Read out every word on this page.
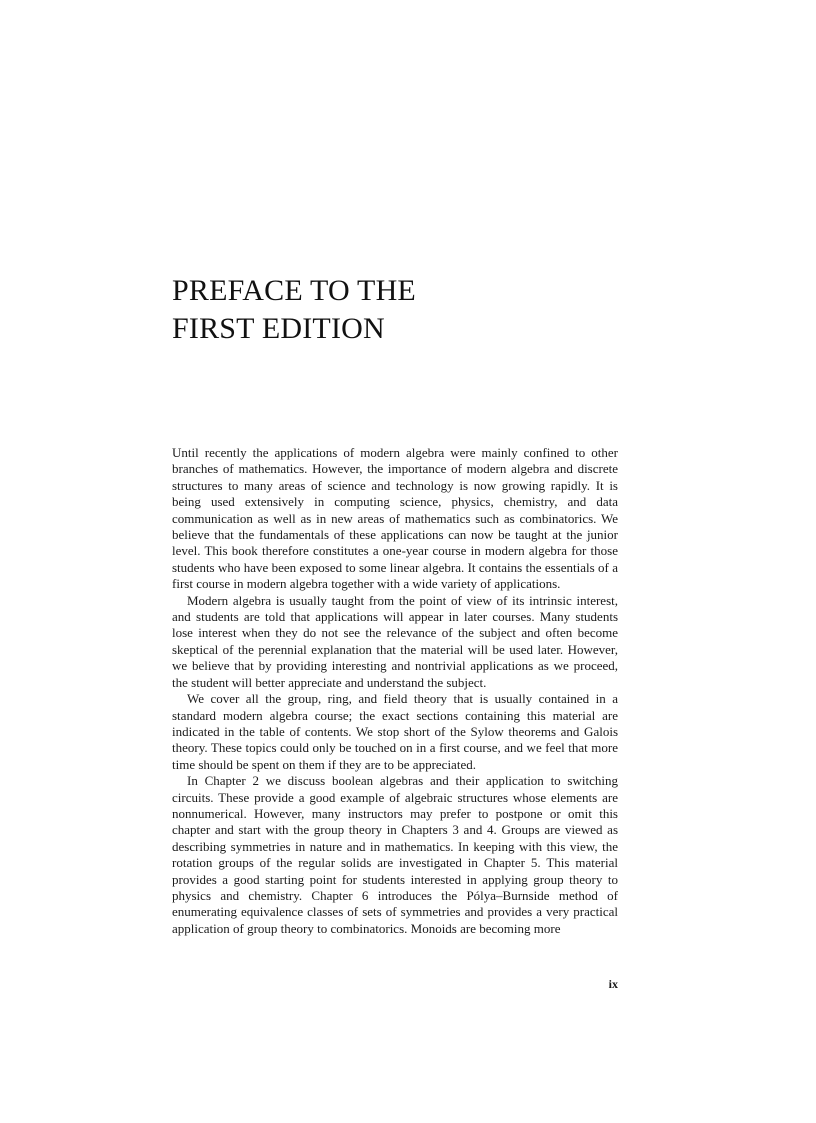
PREFACE TO THE
FIRST EDITION

Until recently the applications of modern algebra were mainly confined to other branches of mathematics. However, the importance of modern algebra and discrete structures to many areas of science and technology is now growing rapidly. It is being used extensively in computing science, physics, chemistry, and data communication as well as in new areas of mathematics such as combinatorics. We believe that the fundamentals of these applications can now be taught at the junior level. This book therefore constitutes a one-year course in modern algebra for those students who have been exposed to some linear algebra. It contains the essentials of a first course in modern algebra together with a wide variety of applications.

Modern algebra is usually taught from the point of view of its intrinsic interest, and students are told that applications will appear in later courses. Many students lose interest when they do not see the relevance of the subject and often become skeptical of the perennial explanation that the material will be used later. However, we believe that by providing interesting and nontrivial applications as we proceed, the student will better appreciate and understand the subject.

We cover all the group, ring, and field theory that is usually contained in a standard modern algebra course; the exact sections containing this material are indicated in the table of contents. We stop short of the Sylow theorems and Galois theory. These topics could only be touched on in a first course, and we feel that more time should be spent on them if they are to be appreciated.

In Chapter 2 we discuss boolean algebras and their application to switching circuits. These provide a good example of algebraic structures whose elements are nonnumerical. However, many instructors may prefer to postpone or omit this chapter and start with the group theory in Chapters 3 and 4. Groups are viewed as describing symmetries in nature and in mathematics. In keeping with this view, the rotation groups of the regular solids are investigated in Chapter 5. This material provides a good starting point for students interested in applying group theory to physics and chemistry. Chapter 6 introduces the Pólya–Burnside method of enumerating equivalence classes of sets of symmetries and provides a very practical application of group theory to combinatorics. Monoids are becoming more

ix
